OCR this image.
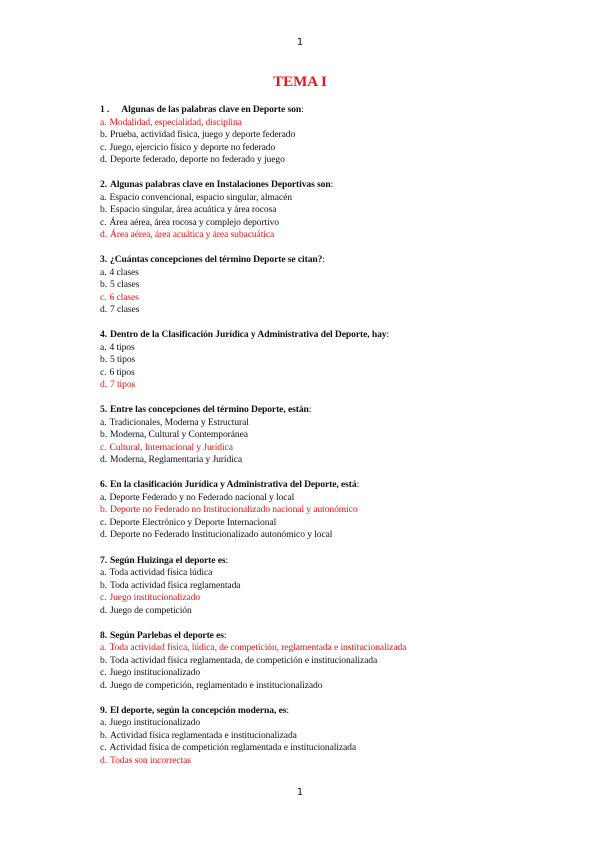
1
TEMA I
1 . Algunas de las palabras clave en Deporte son:
a. Modalidad, especialidad, disciplina
b. Prueba, actividad física, juego y deporte federado
c. Juego, ejercicio físico y deporte no federado
d. Deporte federado, deporte no federado y juego
2. Algunas palabras clave en Instalaciones Deportivas son:
a. Espacio convencional, espacio singular, almacén
b. Espacio singular, área acuática y área rocosa
c. Área aérea, área rocosa y complejo deportivo
d. Área aérea, área acuática y área subacuática
3. ¿Cuántas concepciones del término Deporte se citan?:
a. 4 clases
b. 5 clases
c. 6 clases
d. 7 clases
4. Dentro de la Clasificación Jurídica y Administrativa del Deporte, hay:
a. 4 tipos
b. 5 tipos
c. 6 tipos
d. 7 tipos
5. Entre las concepciones del término Deporte, están:
a. Tradicionales, Moderna y Estructural
b. Moderna, Cultural y Contemporánea
c. Cultural, Internacional y Jurídica
d. Moderna, Reglamentaria y Jurídica
6. En la clasificación Jurídica y Administrativa del Deporte, está:
a. Deporte Federado y no Federado nacional y local
b. Deporte no Federado no Institucionalizado nacional y autonómico
c. Deporte Electrónico y Deporte Internacional
d. Deporte no Federado Institucionalizado autonómico y local
7. Según Huizinga el deporte es:
a. Toda actividad física lúdica
b. Toda actividad física reglamentada
c. Juego institucionalizado
d. Juego de competición
8. Según Parlebas el deporte es:
a. Toda actividad física, lúdica, de competición, reglamentada e institucionalizada
b. Toda actividad física reglamentada, de competición e institucionalizada
c. Juego institucionalizado
d. Juego de competición, reglamentado e institucionalizado
9. El deporte, según la concepción moderna, es:
a. Juego institucionalizado
b. Actividad física reglamentada e institucionalizada
c. Actividad física de competición reglamentada e institucionalizada
d. Todas son incorrectas
1
